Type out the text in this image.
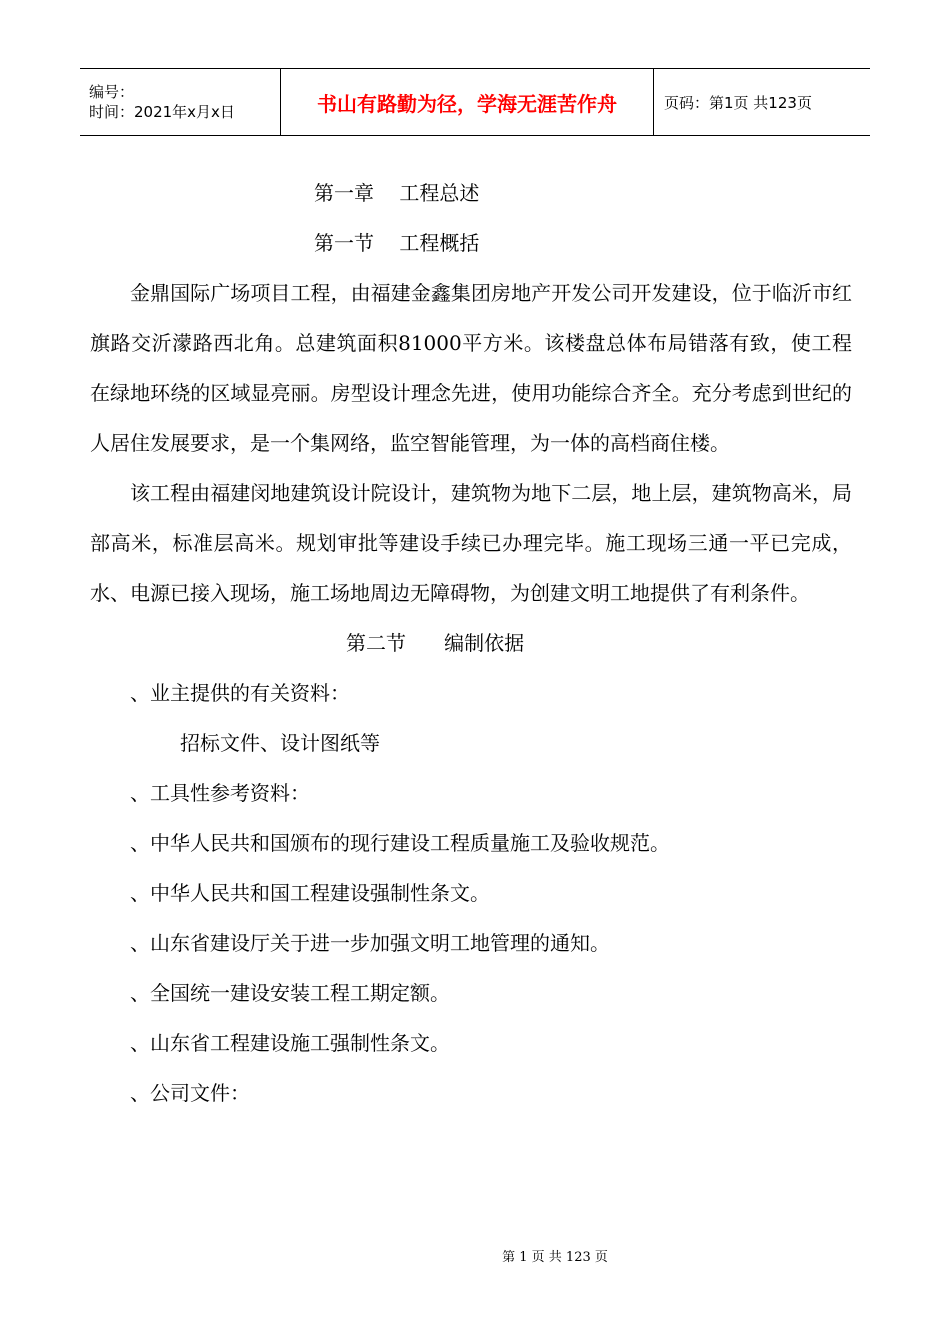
编号：
时间：2021年x月x日	书山有路勤为径，学海无涯苦作舟	页码：第1页 共123页
第一章    工程总述
第一节    工程概括

金鼎国际广场项目工程，由福建金鑫集团房地产开发公司开发建设，位于临沂市红旗路交沂濛路西北角。总建筑面积81000平方米。该楼盘总体布局错落有致，使工程在绿地环绕的区域显亮丽。房型设计理念先进，使用功能综合齐全。充分考虑到世纪的人居住发展要求，是一个集网络，监空智能管理，为一体的高档商住楼。

该工程由福建闵地建筑设计院设计，建筑物为地下二层，地上层，建筑物高米，局部高米，标准层高米。规划审批等建设手续已办理完毕。施工现场三通一平已完成，水、电源已接入现场，施工场地周边无障碍物，为创建文明工地提供了有利条件。

第二节      编制依据
、业主提供的有关资料：
招标文件、设计图纸等
、工具性参考资料：
、中华人民共和国颁布的现行建设工程质量施工及验收规范。
、中华人民共和国工程建设强制性条文。
、山东省建设厅关于进一步加强文明工地管理的通知。
、全国统一建设安装工程工期定额。
、山东省工程建设施工强制性条文。
、公司文件：
第 1 页 共 123 页
